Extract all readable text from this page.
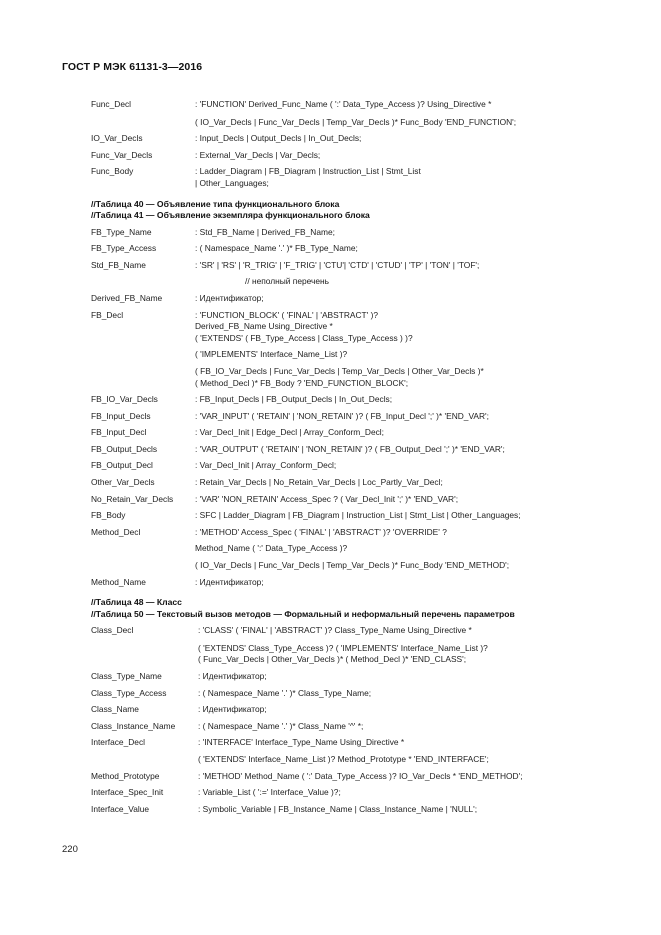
ГОСТ Р МЭК 61131-3—2016
Func_Decl	: 'FUNCTION' Derived_Func_Name ( ':' Data_Type_Access )? Using_Directive *
( IO_Var_Decls | Func_Var_Decls | Temp_Var_Decls )* Func_Body 'END_FUNCTION';
IO_Var_Decls	: Input_Decls | Output_Decls | In_Out_Decls;
Func_Var_Decls	: External_Var_Decls | Var_Decls;
Func_Body	: Ladder_Diagram | FB_Diagram | Instruction_List | Stmt_List
| Other_Languages;
//Таблица 40 — Объявление типа функционального блока
//Таблица 41 — Объявление экземпляра функционального блока
FB_Type_Name	: Std_FB_Name | Derived_FB_Name;
FB_Type_Access	: ( Namespace_Name '.' )* FB_Type_Name;
Std_FB_Name	: 'SR' | 'RS' | 'R_TRIG' | 'F_TRIG' | 'CTU'| 'CTD' | 'CTUD' | 'TP' | 'TON' | 'TOF';
// неполный перечень
Derived_FB_Name	: Идентификатор;
FB_Decl	: 'FUNCTION_BLOCK' ( 'FINAL' | 'ABSTRACT' )?
Derived_FB_Name Using_Directive *
( 'EXTENDS' ( FB_Type_Access | Class_Type_Access ) )?
( 'IMPLEMENTS' Interface_Name_List )?
( FB_IO_Var_Decls | Func_Var_Decls | Temp_Var_Decls | Other_Var_Decls )*
( Method_Decl )* FB_Body ? 'END_FUNCTION_BLOCK';
FB_IO_Var_Decls	: FB_Input_Decls | FB_Output_Decls | In_Out_Decls;
FB_Input_Decls	: 'VAR_INPUT' ( 'RETAIN' | 'NON_RETAIN' )? ( FB_Input_Decl ';' )* 'END_VAR';
FB_Input_Decl	: Var_Decl_Init | Edge_Decl | Array_Conform_Decl;
FB_Output_Decls	: 'VAR_OUTPUT' ( 'RETAIN' | 'NON_RETAIN' )? ( FB_Output_Decl ';' )* 'END_VAR';
FB_Output_Decl	: Var_Decl_Init | Array_Conform_Decl;
Other_Var_Decls	: Retain_Var_Decls | No_Retain_Var_Decls | Loc_Partly_Var_Decl;
No_Retain_Var_Decls	: 'VAR' 'NON_RETAIN' Access_Spec ? ( Var_Decl_Init ';' )* 'END_VAR';
FB_Body	: SFC | Ladder_Diagram | FB_Diagram | Instruction_List | Stmt_List | Other_Languages;
Method_Decl	: 'METHOD' Access_Spec ( 'FINAL' | 'ABSTRACT' )? 'OVERRIDE' ?
Method_Name ( ':' Data_Type_Access )?
( IO_Var_Decls | Func_Var_Decls | Temp_Var_Decls )* Func_Body 'END_METHOD';
Method_Name	: Идентификатор;
//Таблица 48 — Класс
//Таблица 50 — Текстовый вызов методов — Формальный и неформальный перечень параметров
Class_Decl	: 'CLASS' ( 'FINAL' | 'ABSTRACT' )? Class_Type_Name Using_Directive *
( 'EXTENDS' Class_Type_Access )? ( 'IMPLEMENTS' Interface_Name_List )?
( Func_Var_Decls | Other_Var_Decls )* ( Method_Decl )* 'END_CLASS';
Class_Type_Name	: Идентификатор;
Class_Type_Access	: ( Namespace_Name '.' )* Class_Type_Name;
Class_Name	: Идентификатор;
Class_Instance_Name	: ( Namespace_Name '.' )* Class_Name '^' *;
Interface_Decl	: 'INTERFACE' Interface_Type_Name Using_Directive *
( 'EXTENDS' Interface_Name_List )? Method_Prototype * 'END_INTERFACE';
Method_Prototype	: 'METHOD' Method_Name ( ':' Data_Type_Access )? IO_Var_Decls * 'END_METHOD';
Interface_Spec_Init	: Variable_List ( ':=' Interface_Value )?;
Interface_Value	: Symbolic_Variable | FB_Instance_Name | Class_Instance_Name | 'NULL';
220
